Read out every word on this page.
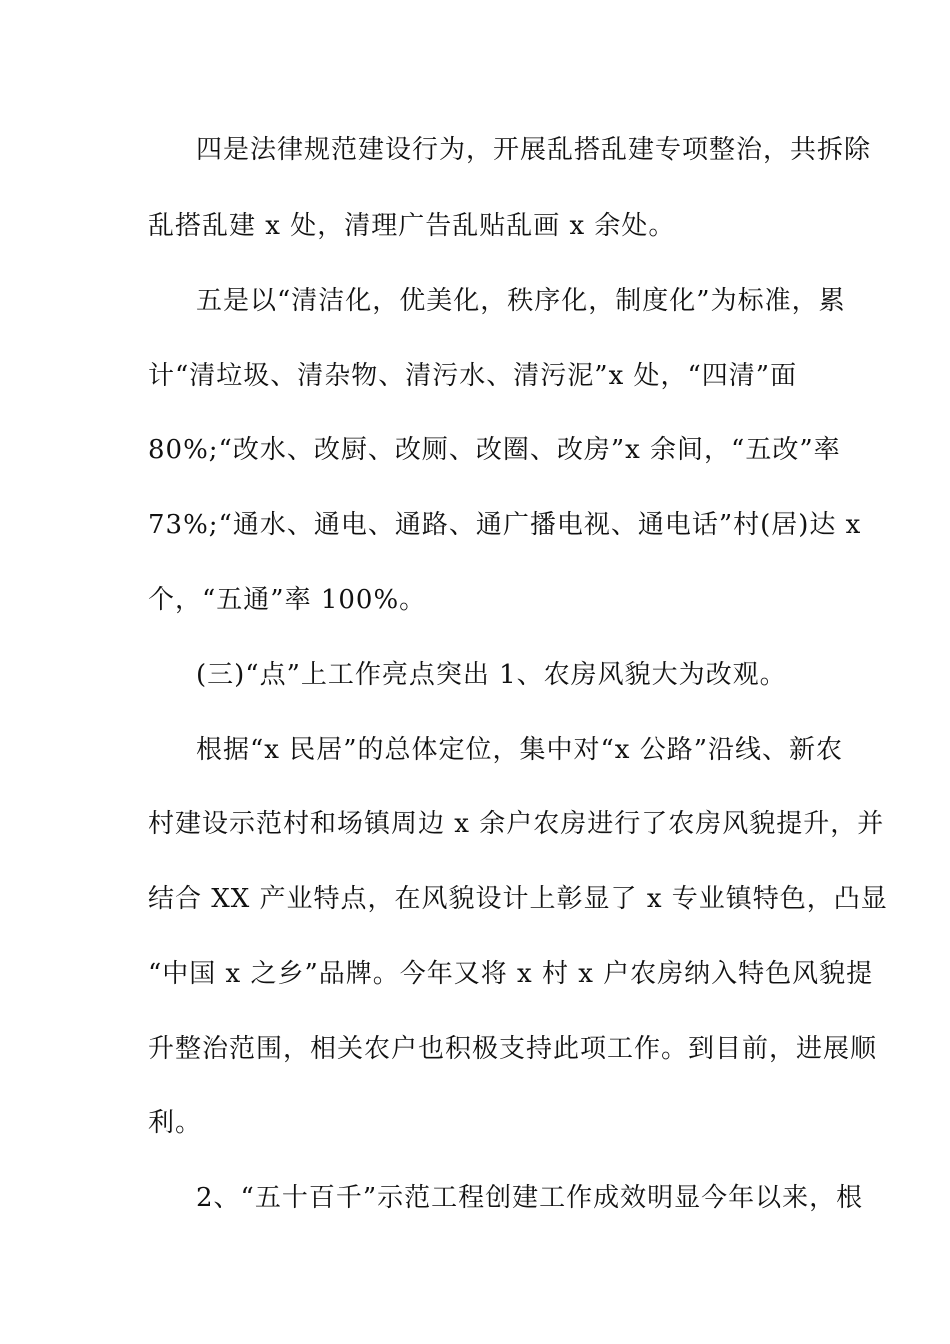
四是法律规范建设行为，开展乱搭乱建专项整治，共拆除
乱搭乱建 x 处，清理广告乱贴乱画 x 余处。
五是以“清洁化，优美化，秩序化，制度化”为标准，累
计“清垃圾、清杂物、清污水、清污泥”x 处，“四清”面
80%;“改水、改厨、改厕、改圈、改房”x 余间，“五改”率
73%;“通水、通电、通路、通广播电视、通电话”村(居)达 x
个，“五通”率 100%。
(三)“点”上工作亮点突出 1、农房风貌大为改观。
根据“x 民居”的总体定位，集中对“x 公路”沿线、新农
村建设示范村和场镇周边 x 余户农房进行了农房风貌提升，并
结合 XX 产业特点，在风貌设计上彰显了 x 专业镇特色，凸显
“中国 x 之乡”品牌。今年又将 x 村 x 户农房纳入特色风貌提
升整治范围，相关农户也积极支持此项工作。到目前，进展顺
利。
2、“五十百千”示范工程创建工作成效明显今年以来，根
